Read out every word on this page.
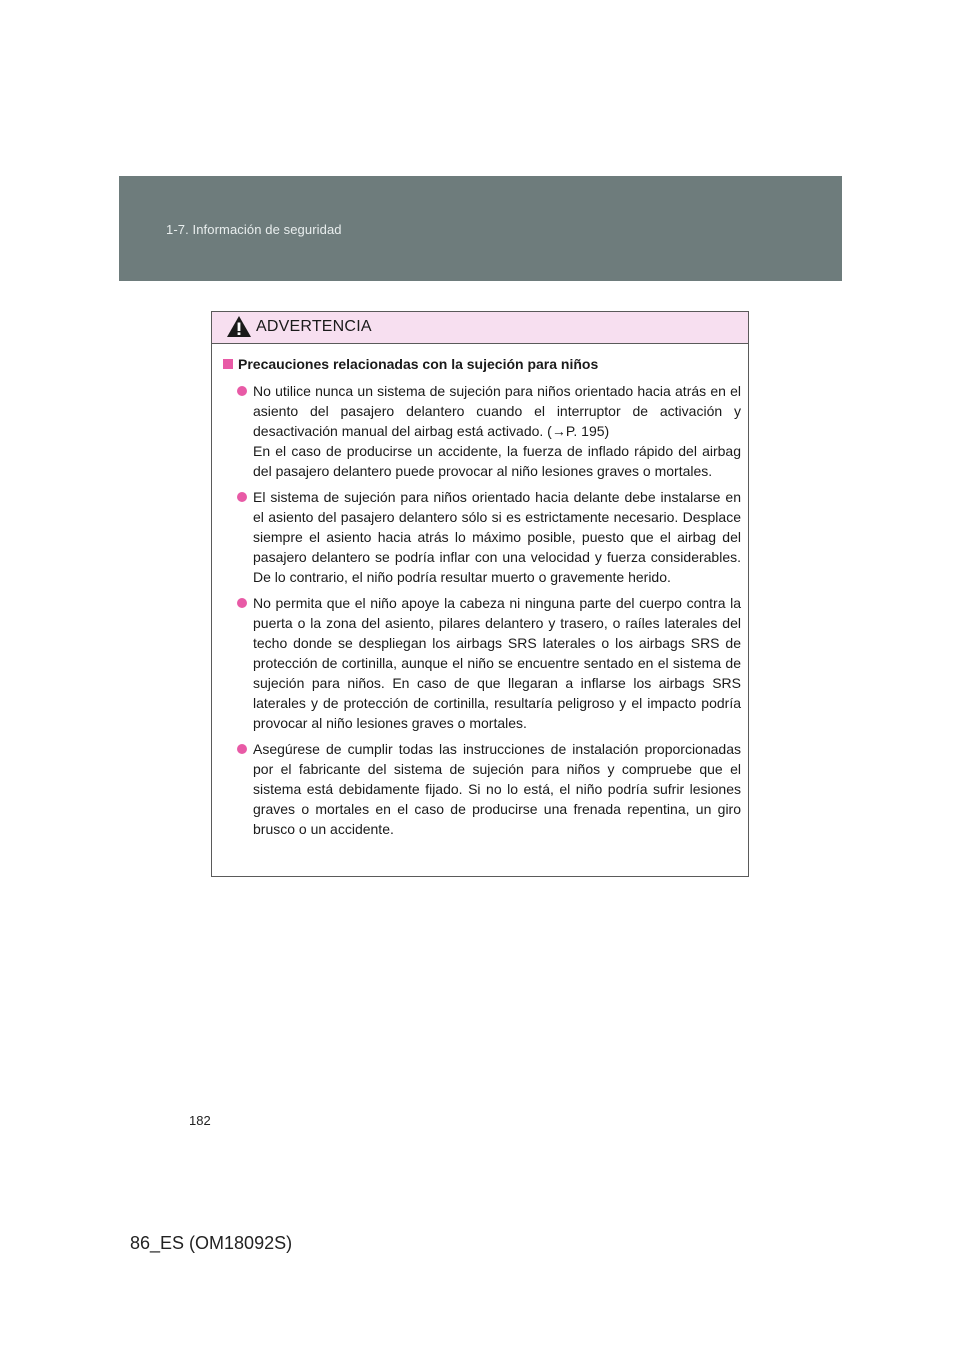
1-7. Información de seguridad
ADVERTENCIA
Precauciones relacionadas con la sujeción para niños

No utilice nunca un sistema de sujeción para niños orientado hacia atrás en el asiento del pasajero delantero cuando el interruptor de activación y desactivación manual del airbag está activado. (→P. 195)

En el caso de producirse un accidente, la fuerza de inflado rápido del airbag del pasajero delantero puede provocar al niño lesiones graves o mortales.

El sistema de sujeción para niños orientado hacia delante debe instalarse en el asiento del pasajero delantero sólo si es estrictamente necesario. Desplace siempre el asiento hacia atrás lo máximo posible, puesto que el airbag del pasajero delantero se podría inflar con una velocidad y fuerza considerables. De lo contrario, el niño podría resultar muerto o gravemente herido.

No permita que el niño apoye la cabeza ni ninguna parte del cuerpo contra la puerta o la zona del asiento, pilares delantero y trasero, o raíles laterales del techo donde se despliegan los airbags SRS laterales o los airbags SRS de protección de cortinilla, aunque el niño se encuentre sentado en el sistema de sujeción para niños. En caso de que llegaran a inflarse los airbags SRS laterales y de protección de cortinilla, resultaría peligroso y el impacto podría provocar al niño lesiones graves o mortales.

Asegúrese de cumplir todas las instrucciones de instalación proporcionadas por el fabricante del sistema de sujeción para niños y compruebe que el sistema está debidamente fijado. Si no lo está, el niño podría sufrir lesiones graves o mortales en el caso de producirse una frenada repentina, un giro brusco o un accidente.

182
86_ES (OM18092S)
